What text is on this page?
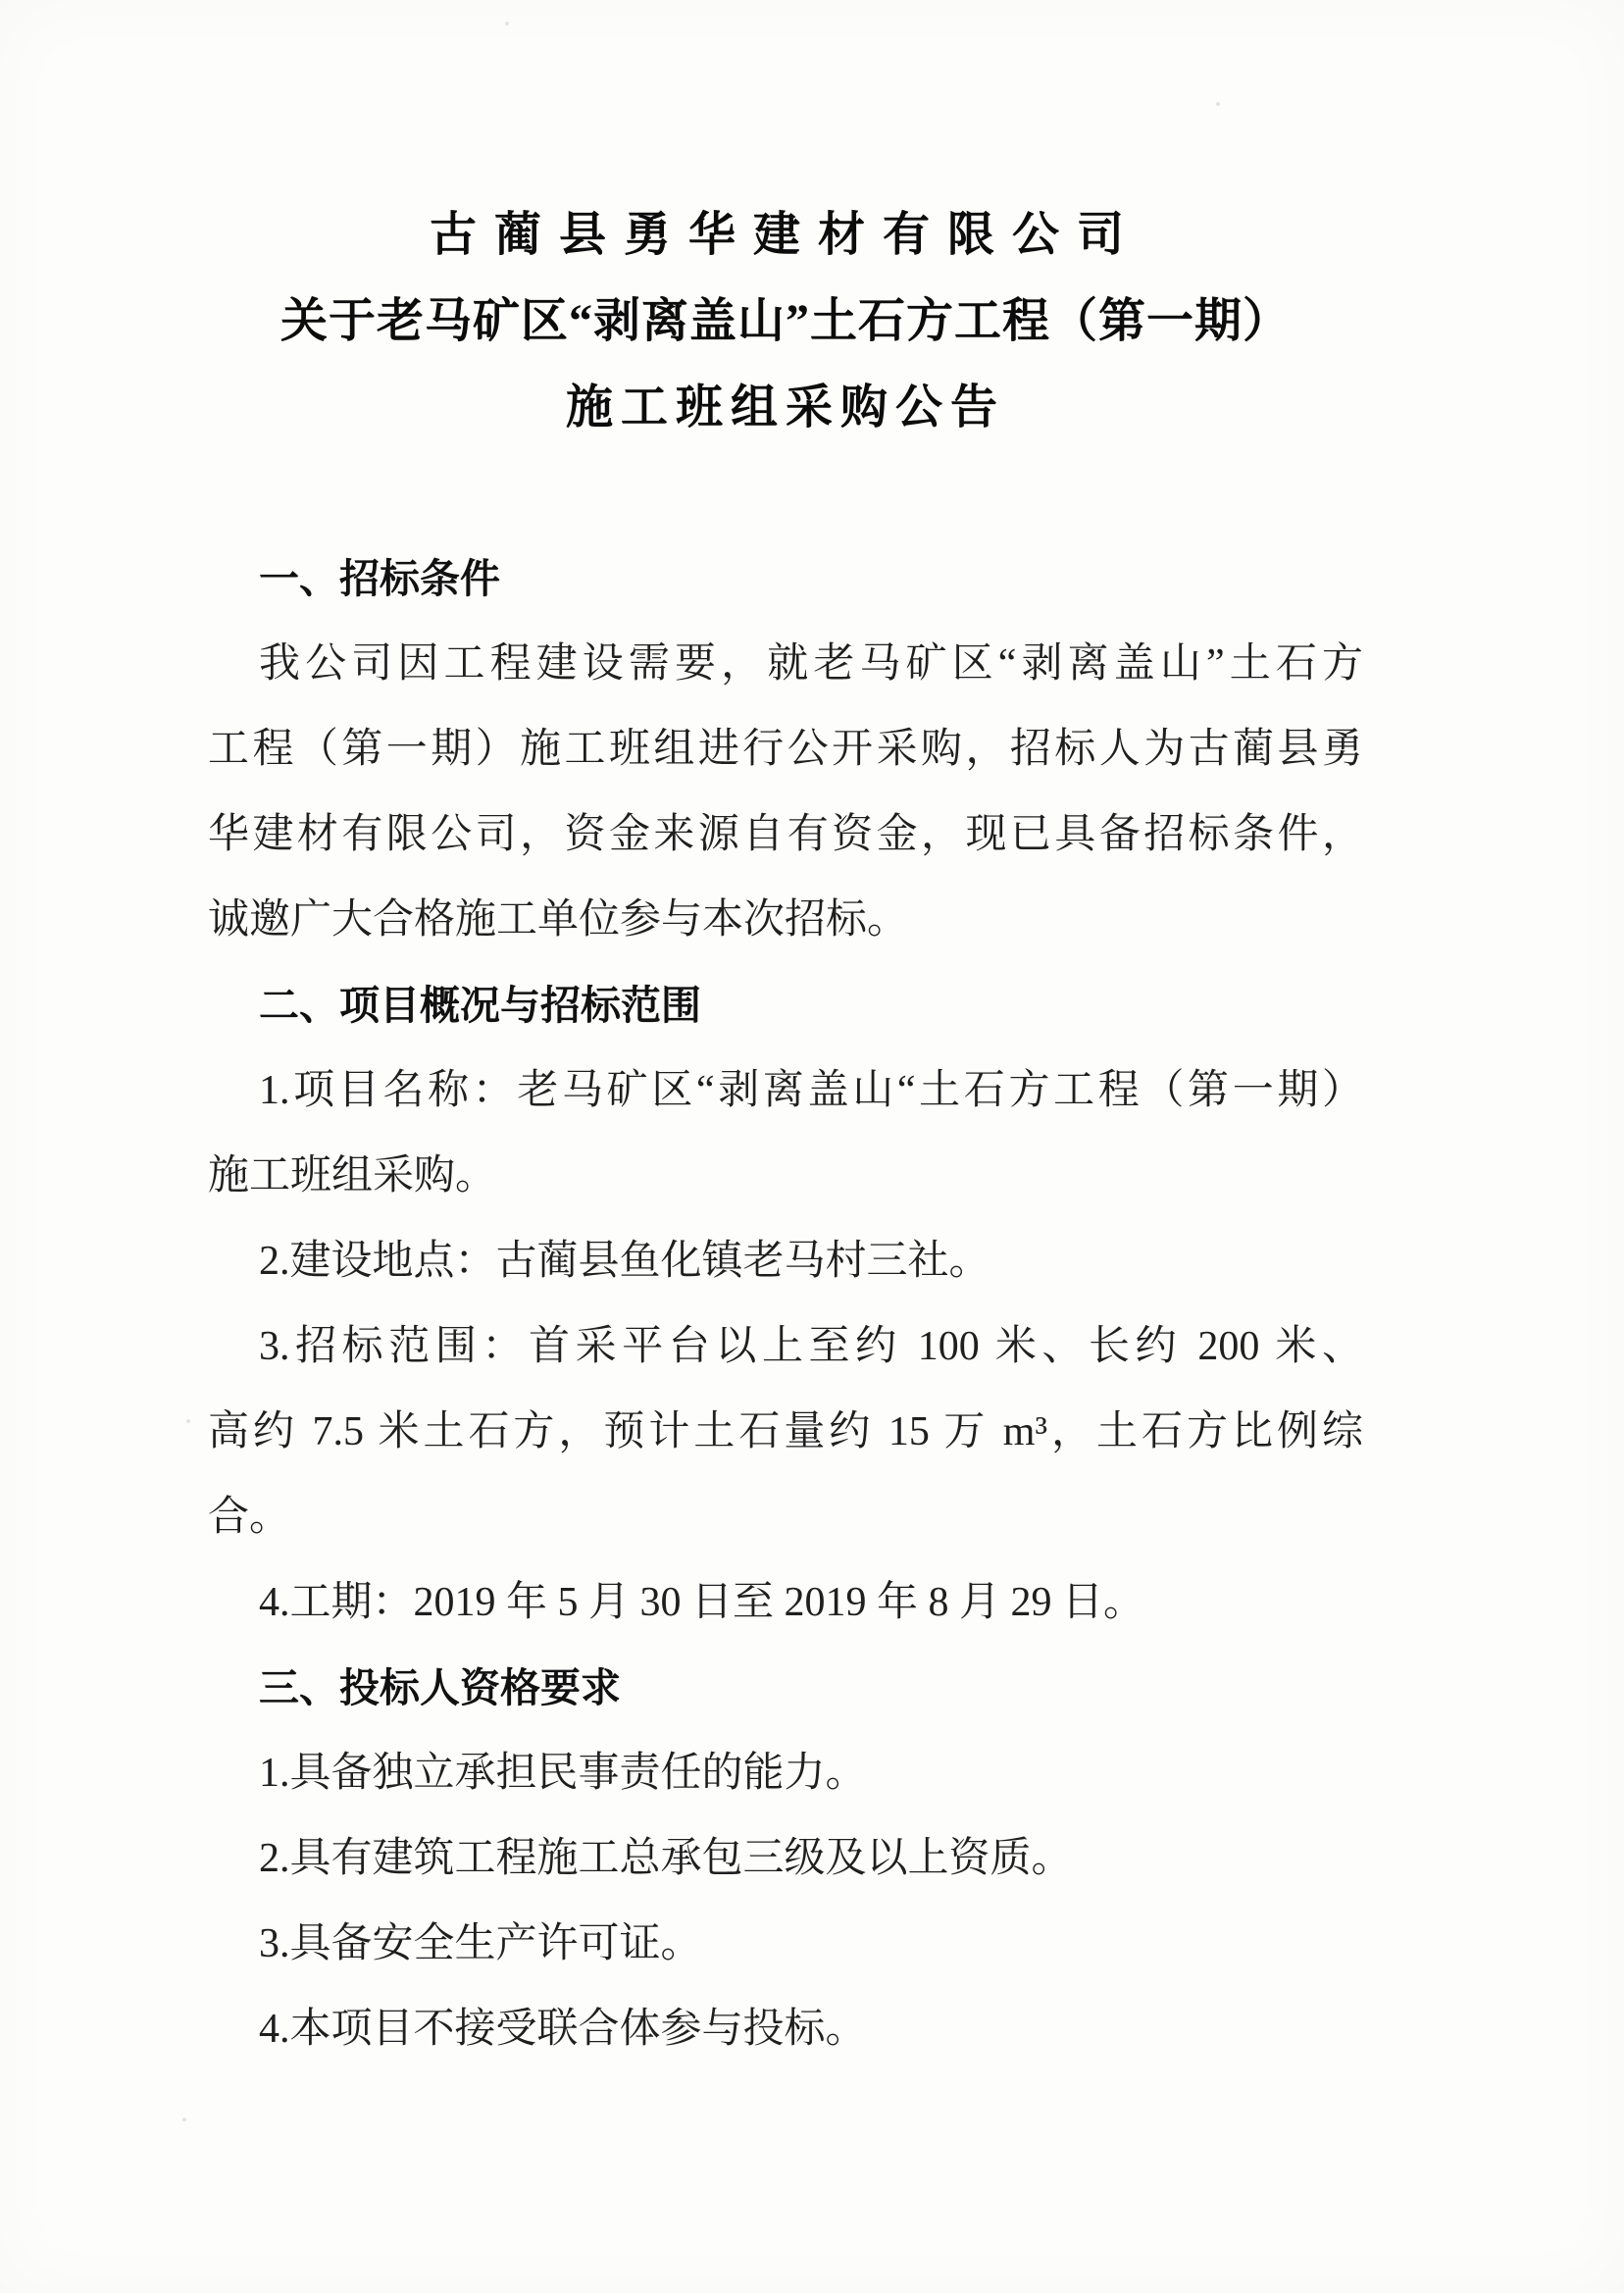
古蔺县勇华建材有限公司
关于老马矿区“剥离盖山”土石方工程（第一期）
施工班组采购公告
一、招标条件
我公司因工程建设需要，就老马矿区“剥离盖山”土石方
工程（第一期）施工班组进行公开采购，招标人为古蔺县勇
华建材有限公司，资金来源自有资金，现已具备招标条件，
诚邀广大合格施工单位参与本次招标。
二、项目概况与招标范围
1.项目名称：老马矿区“剥离盖山“土石方工程（第一期）
施工班组采购。
2.建设地点：古蔺县鱼化镇老马村三社。
3.招标范围：首采平台以上至约 100 米、长约 200 米、
高约 7.5 米土石方，预计土石量约 15 万 m³，土石方比例综
合。
4.工期：2019 年 5 月 30 日至 2019 年 8 月 29 日。
三、投标人资格要求
1.具备独立承担民事责任的能力。
2.具有建筑工程施工总承包三级及以上资质。
3.具备安全生产许可证。
4.本项目不接受联合体参与投标。
